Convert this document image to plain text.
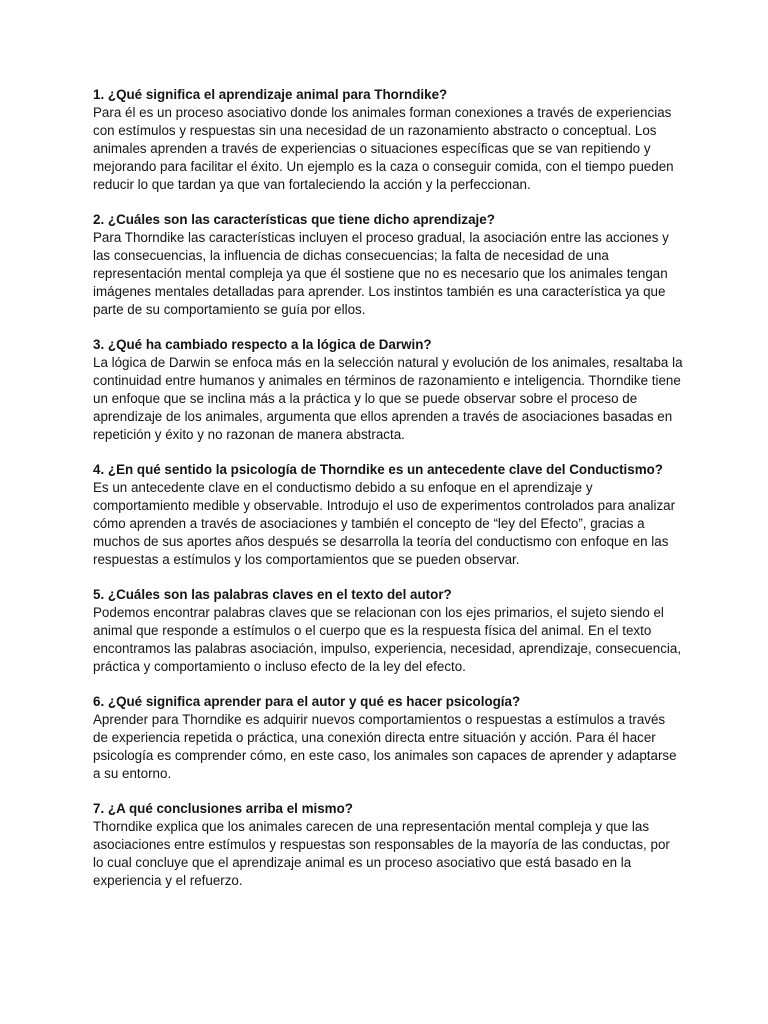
1. ¿Qué significa el aprendizaje animal para Thorndike?

Para él es un proceso asociativo donde los animales forman conexiones a través de experiencias con estímulos y respuestas sin una necesidad de un razonamiento abstracto o conceptual. Los animales aprenden a través de experiencias o situaciones específicas que se van repitiendo y mejorando para facilitar el éxito. Un ejemplo es la caza o conseguir comida, con el tiempo pueden reducir lo que tardan ya que van fortaleciendo la acción y la perfeccionan.

2. ¿Cuáles son las características que tiene dicho aprendizaje?

Para Thorndike las características incluyen el proceso gradual, la asociación entre las acciones y las consecuencias, la influencia de dichas consecuencias; la falta de necesidad de una representación mental compleja ya que él sostiene que no es necesario que los animales tengan imágenes mentales detalladas para aprender. Los instintos también es una característica ya que parte de su comportamiento se guía por ellos.

3. ¿Qué ha cambiado respecto a la lógica de Darwin?

La lógica de Darwin se enfoca más en la selección natural y evolución de los animales, resaltaba la continuidad entre humanos y animales en términos de razonamiento e inteligencia. Thorndike tiene un enfoque que se inclina más a la práctica y lo que se puede observar sobre el proceso de aprendizaje de los animales, argumenta que ellos aprenden a través de asociaciones basadas en repetición y éxito y no razonan de manera abstracta.

4. ¿En qué sentido la psicología de Thorndike es un antecedente clave del Conductismo?

Es un antecedente clave en el conductismo debido a su enfoque en el aprendizaje y comportamiento medible y observable. Introdujo el uso de experimentos controlados para analizar cómo aprenden a través de asociaciones y también el concepto de “ley del Efecto”, gracias a muchos de sus aportes años después se desarrolla la teoría del conductismo con enfoque en las respuestas a estímulos y los comportamientos que se pueden observar.

5. ¿Cuáles son las palabras claves en el texto del autor?

Podemos encontrar palabras claves que se relacionan con los ejes primarios, el sujeto siendo el animal que responde a estímulos o el cuerpo que es la respuesta física del animal. En el texto encontramos las palabras asociación, impulso, experiencia, necesidad, aprendizaje, consecuencia, práctica y comportamiento o incluso efecto de la ley del efecto.

6. ¿Qué significa aprender para el autor y qué es hacer psicología?

Aprender para Thorndike es adquirir nuevos comportamientos o respuestas a estímulos a través de experiencia repetida o práctica, una conexión directa entre situación y acción. Para él hacer psicología es comprender cómo, en este caso, los animales son capaces de aprender y adaptarse a su entorno.

7. ¿A qué conclusiones arriba el mismo?

Thorndike explica que los animales carecen de una representación mental compleja y que las asociaciones entre estímulos y respuestas son responsables de la mayoría de las conductas, por lo cual concluye que el aprendizaje animal es un proceso asociativo que está basado en la experiencia y el refuerzo.
